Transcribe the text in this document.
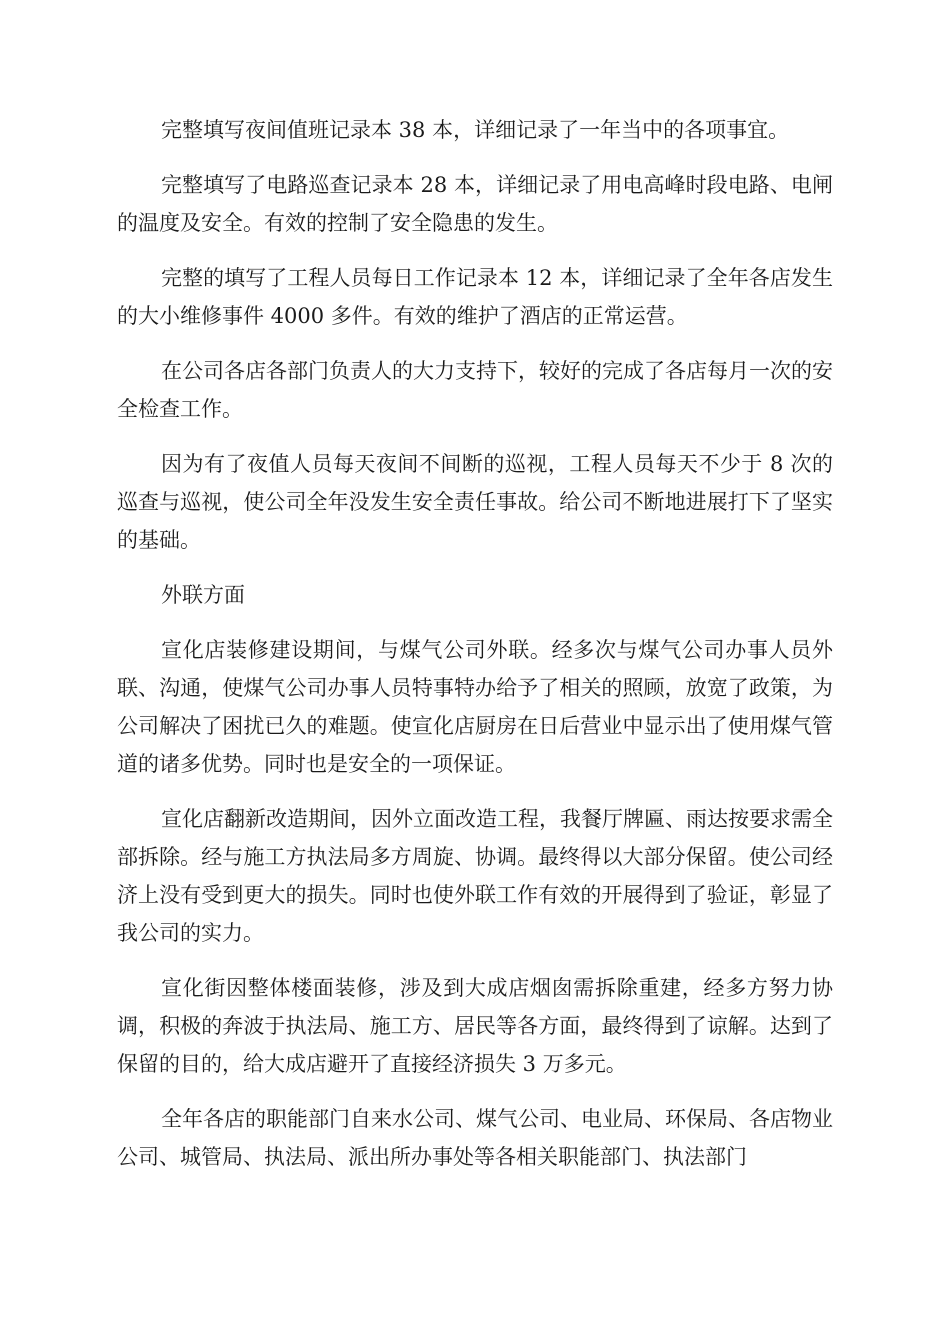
完整填写夜间值班记录本 38 本，详细记录了一年当中的各项事宜。

完整填写了电路巡查记录本 28 本，详细记录了用电高峰时段电路、电闸的温度及安全。有效的控制了安全隐患的发生。

完整的填写了工程人员每日工作记录本 12 本，详细记录了全年各店发生的大小维修事件 4000 多件。有效的维护了酒店的正常运营。

在公司各店各部门负责人的大力支持下，较好的完成了各店每月一次的安全检查工作。

因为有了夜值人员每天夜间不间断的巡视，工程人员每天不少于 8 次的巡查与巡视，使公司全年没发生安全责任事故。给公司不断地进展打下了坚实的基础。

外联方面

宣化店装修建设期间，与煤气公司外联。经多次与煤气公司办事人员外联、沟通，使煤气公司办事人员特事特办给予了相关的照顾，放宽了政策，为公司解决了困扰已久的难题。使宣化店厨房在日后营业中显示出了使用煤气管道的诸多优势。同时也是安全的一项保证。

宣化店翻新改造期间，因外立面改造工程，我餐厅牌匾、雨达按要求需全部拆除。经与施工方执法局多方周旋、协调。最终得以大部分保留。使公司经济上没有受到更大的损失。同时也使外联工作有效的开展得到了验证，彰显了我公司的实力。

宣化街因整体楼面装修，涉及到大成店烟囱需拆除重建，经多方努力协调，积极的奔波于执法局、施工方、居民等各方面，最终得到了谅解。达到了保留的目的，给大成店避开了直接经济损失 3 万多元。

全年各店的职能部门自来水公司、煤气公司、电业局、环保局、各店物业公司、城管局、执法局、派出所办事处等各相关职能部门、执法部门
